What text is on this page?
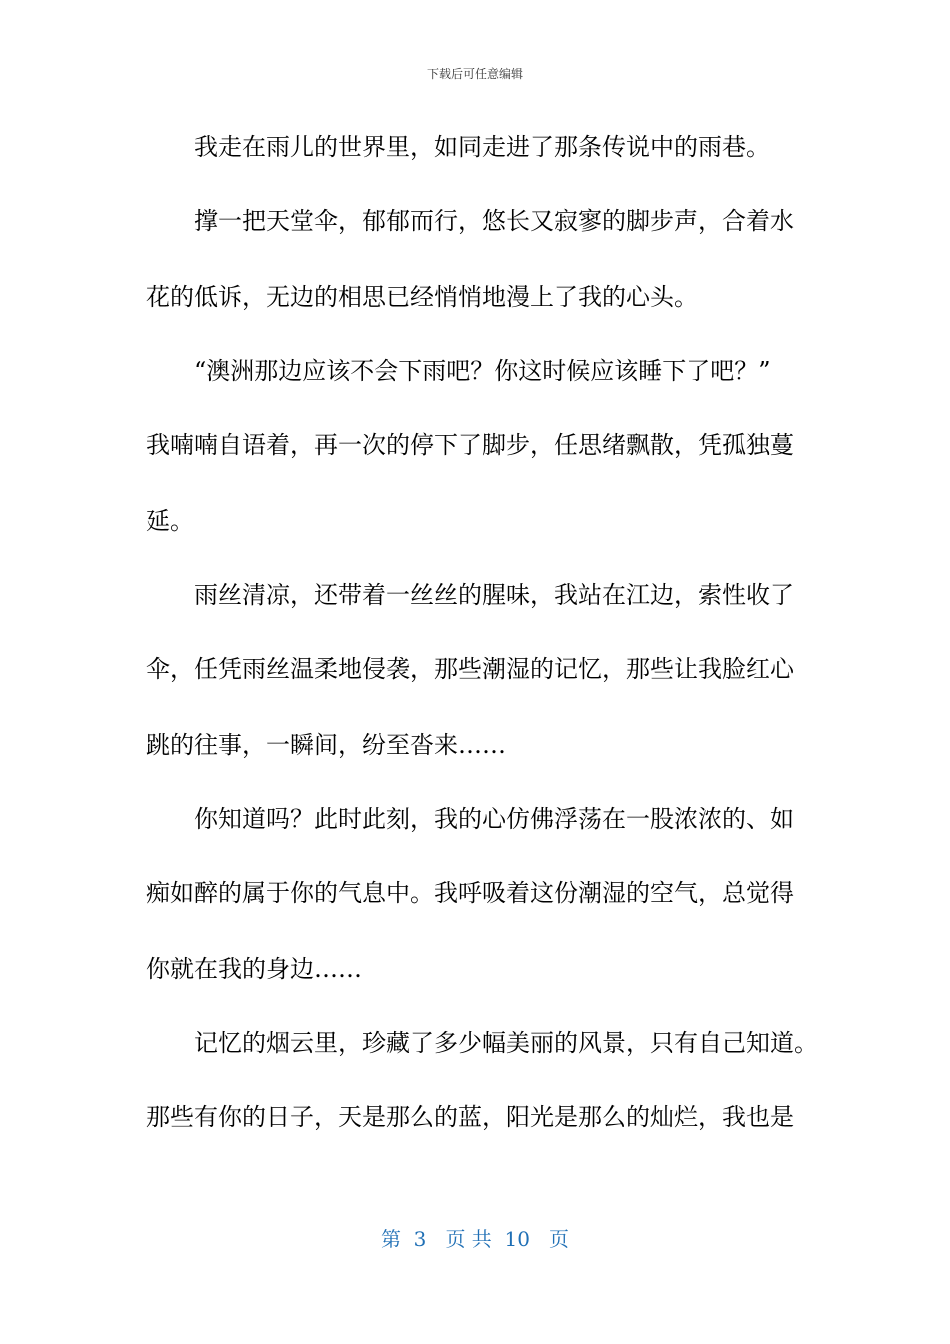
下载后可任意编辑
　　我走在雨儿的世界里，如同走进了那条传说中的雨巷。
　　撑一把天堂伞，郁郁而行，悠长又寂寥的脚步声，合着水
花的低诉，无边的相思已经悄悄地漫上了我的心头。
　　“澳洲那边应该不会下雨吧？你这时候应该睡下了吧？”
我喃喃自语着，再一次的停下了脚步，任思绪飘散，凭孤独蔓
延。
　　雨丝清凉，还带着一丝丝的腥味，我站在江边，索性收了
伞，任凭雨丝温柔地侵袭，那些潮湿的记忆，那些让我脸红心
跳的往事，一瞬间，纷至沓来……
　　你知道吗？此时此刻，我的心仿佛浮荡在一股浓浓的、如
痴如醉的属于你的气息中。我呼吸着这份潮湿的空气，总觉得
你就在我的身边……
　　记忆的烟云里，珍藏了多少幅美丽的风景，只有自己知道。
那些有你的日子，天是那么的蓝，阳光是那么的灿烂，我也是
第  3   页 共  10   页
